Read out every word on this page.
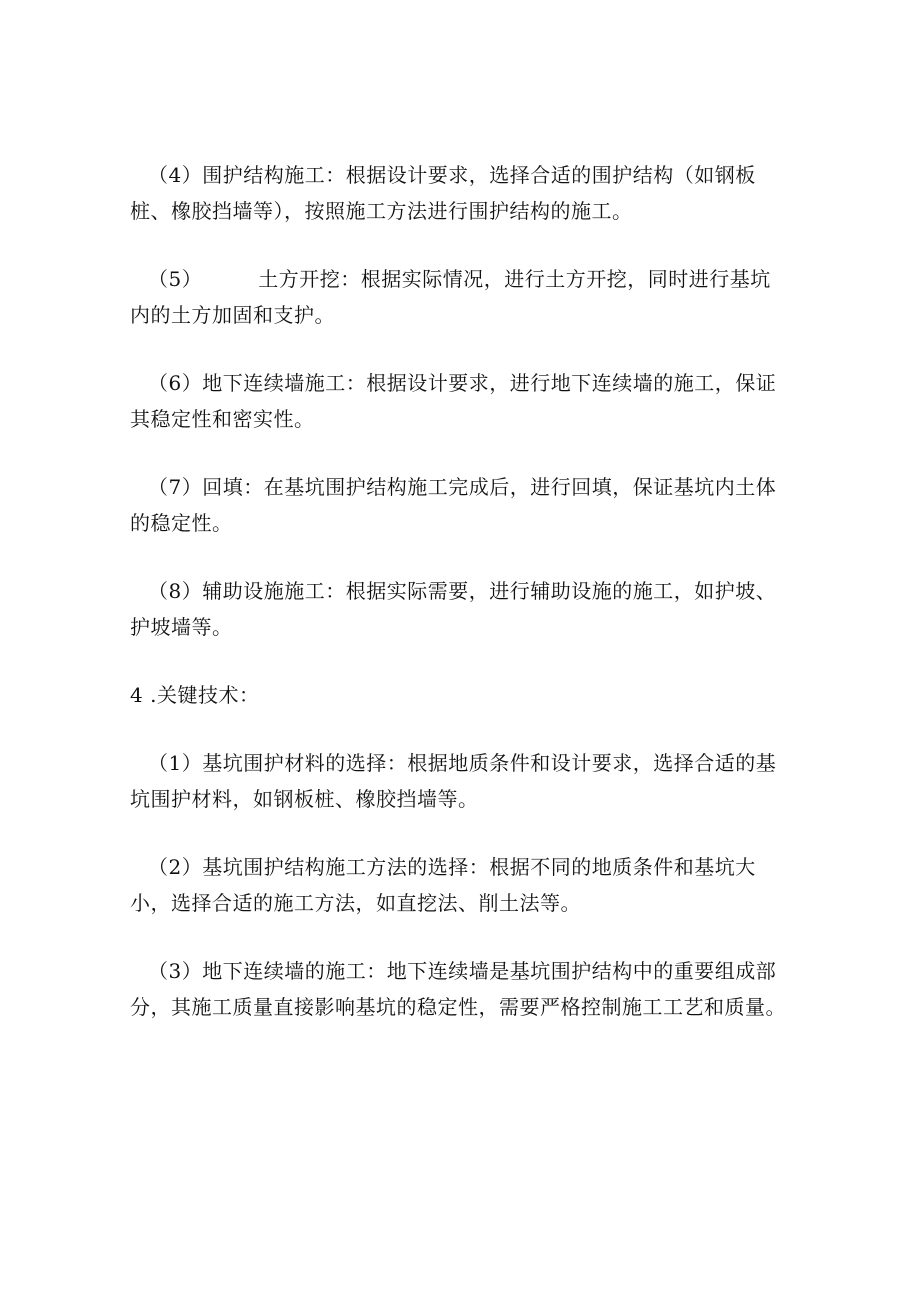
（4）围护结构施工：根据设计要求，选择合适的围护结构（如钢板桩、橡胶挡墙等），按照施工方法进行围护结构的施工。

（5）	土方开挖：根据实际情况，进行土方开挖，同时进行基坑内的土方加固和支护。

（6）地下连续墙施工：根据设计要求，进行地下连续墙的施工，保证其稳定性和密实性。

（7）回填：在基坑围护结构施工完成后，进行回填，保证基坑内土体的稳定性。

（8）辅助设施施工：根据实际需要，进行辅助设施的施工，如护坡、护坡墙等。

4 .关键技术：

（1）基坑围护材料的选择：根据地质条件和设计要求，选择合适的基坑围护材料，如钢板桩、橡胶挡墙等。

（2）基坑围护结构施工方法的选择：根据不同的地质条件和基坑大小，选择合适的施工方法，如直挖法、削土法等。

（3）地下连续墙的施工：地下连续墙是基坑围护结构中的重要组成部分，其施工质量直接影响基坑的稳定性，需要严格控制施工工艺和质量。
